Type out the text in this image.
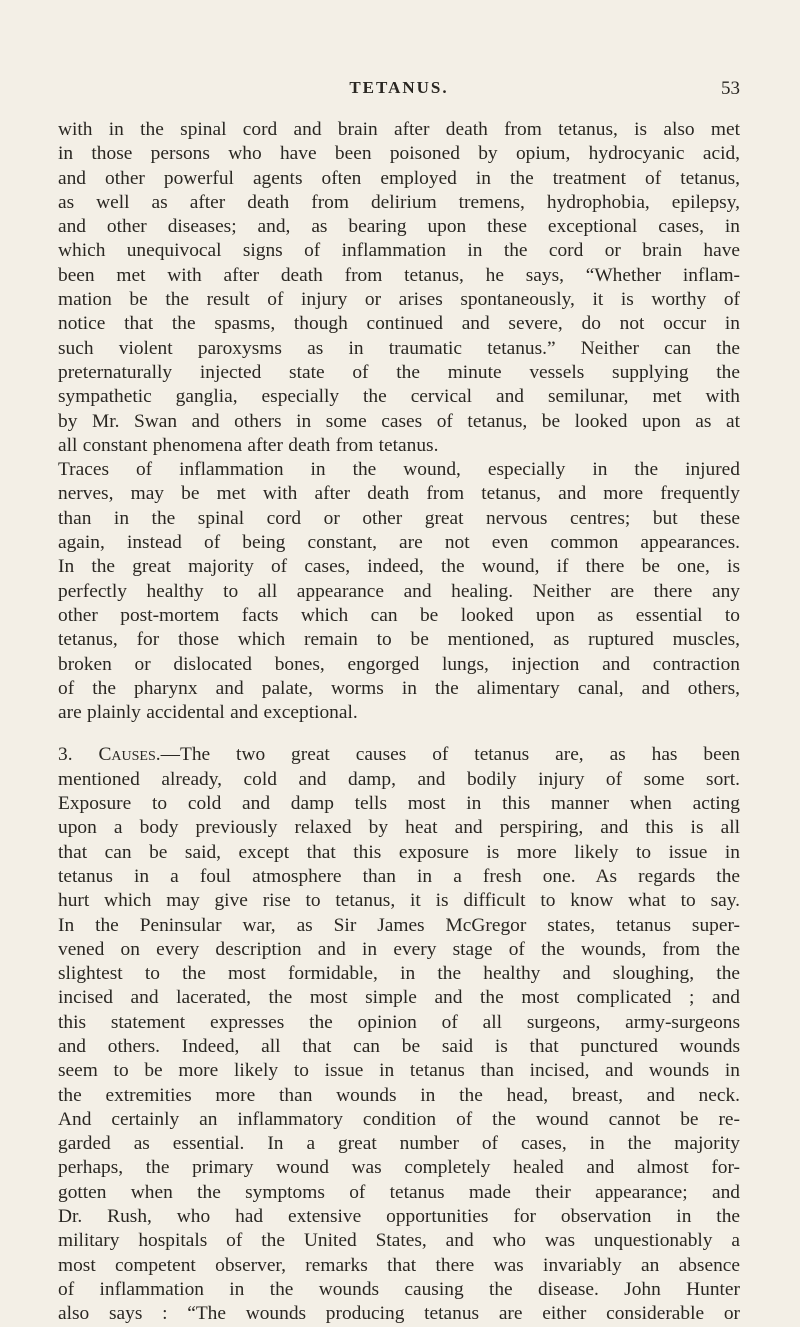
TETANUS.	53
with in the spinal cord and brain after death from tetanus, is also met
in those persons who have been poisoned by opium, hydrocyanic acid,
and other powerful agents often employed in the treatment of tetanus,
as well as after death from delirium tremens, hydrophobia, epilepsy,
and other diseases; and, as bearing upon these exceptional cases, in
which unequivocal signs of inflammation in the cord or brain have
been met with after death from tetanus, he says, “Whether inflam-
mation be the result of injury or arises spontaneously, it is worthy of
notice that the spasms, though continued and severe, do not occur in
such violent paroxysms as in traumatic tetanus.” Neither can the
preternaturally injected state of the minute vessels supplying the
sympathetic ganglia, especially the cervical and semilunar, met with
by Mr. Swan and others in some cases of tetanus, be looked upon as at
all constant phenomena after death from tetanus.
Traces of inflammation in the wound, especially in the injured
nerves, may be met with after death from tetanus, and more frequently
than in the spinal cord or other great nervous centres; but these
again, instead of being constant, are not even common appearances.
In the great majority of cases, indeed, the wound, if there be one, is
perfectly healthy to all appearance and healing. Neither are there any
other post-mortem facts which can be looked upon as essential to
tetanus, for those which remain to be mentioned, as ruptured muscles,
broken or dislocated bones, engorged lungs, injection and contraction
of the pharynx and palate, worms in the alimentary canal, and others,
are plainly accidental and exceptional.
3. Causes.—The two great causes of tetanus are, as has been
mentioned already, cold and damp, and bodily injury of some sort.
Exposure to cold and damp tells most in this manner when acting
upon a body previously relaxed by heat and perspiring, and this is all
that can be said, except that this exposure is more likely to issue in
tetanus in a foul atmosphere than in a fresh one. As regards the
hurt which may give rise to tetanus, it is difficult to know what to say.
In the Peninsular war, as Sir James McGregor states, tetanus super-
vened on every description and in every stage of the wounds, from the
slightest to the most formidable, in the healthy and sloughing, the
incised and lacerated, the most simple and the most complicated ; and
this statement expresses the opinion of all surgeons, army-surgeons
and others. Indeed, all that can be said is that punctured wounds
seem to be more likely to issue in tetanus than incised, and wounds in
the extremities more than wounds in the head, breast, and neck.
And certainly an inflammatory condition of the wound cannot be re-
garded as essential. In a great number of cases, in the majority
perhaps, the primary wound was completely healed and almost for-
gotten when the symptoms of tetanus made their appearance; and
Dr. Rush, who had extensive opportunities for observation in the
military hospitals of the United States, and who was unquestionably a
most competent observer, remarks that there was invariably an absence
of inflammation in the wounds causing the disease. John Hunter
also says : “The wounds producing tetanus are either considerable or
